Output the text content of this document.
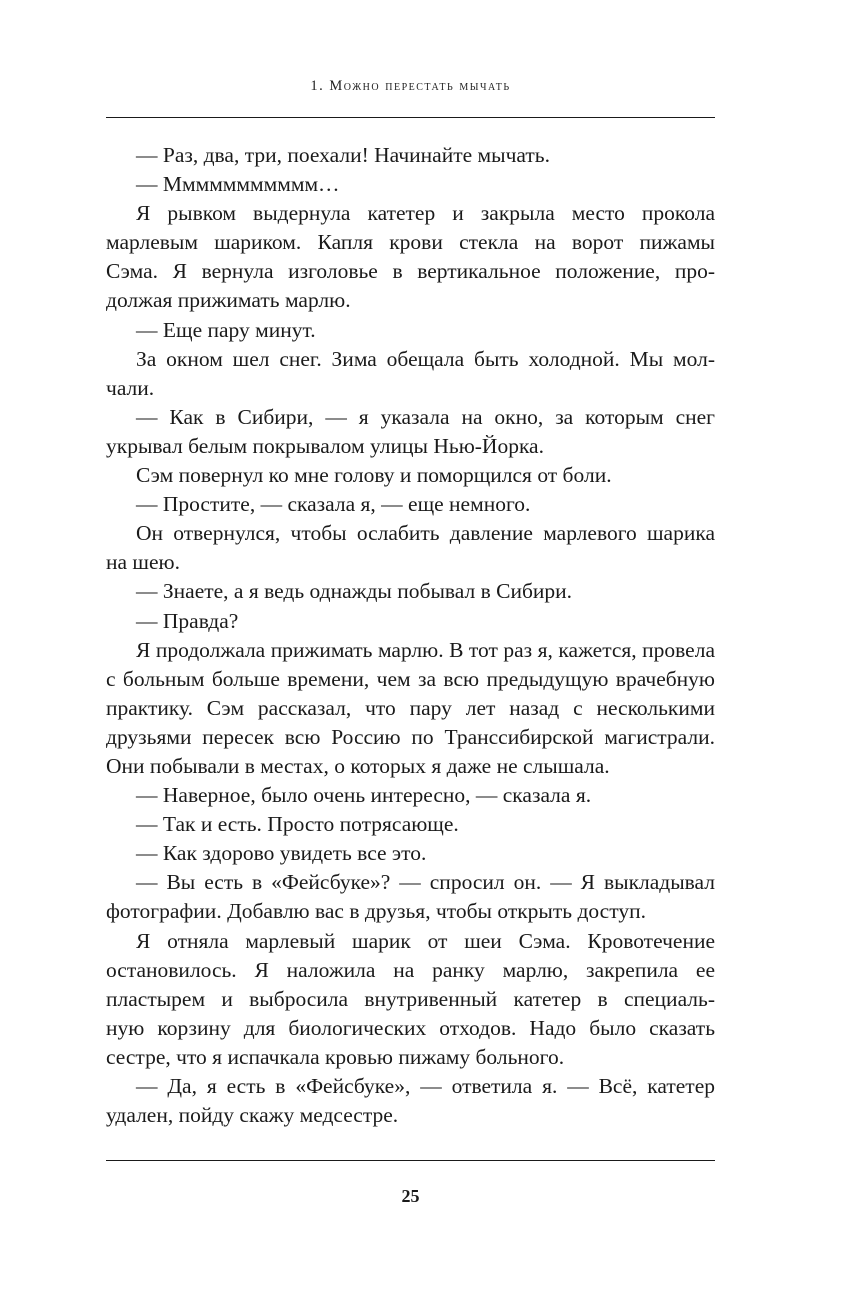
1. Можно перестать мычать
— Раз, два, три, поехали! Начинайте мычать.
— Ммммммммммм…
Я рывком выдернула катетер и закрыла место прокола
марлевым шариком. Капля крови стекла на ворот пижамы
Сэма. Я вернула изголовье в вертикальное положение, про-
должая прижимать марлю.
— Еще пару минут.
За окном шел снег. Зима обещала быть холодной. Мы мол-
чали.
— Как в Сибири, — я указала на окно, за которым снег
укрывал белым покрывалом улицы Нью-Йорка.
Сэм повернул ко мне голову и поморщился от боли.
— Простите, — сказала я, — еще немного.
Он отвернулся, чтобы ослабить давление марлевого шарика
на шею.
— Знаете, а я ведь однажды побывал в Сибири.
— Правда?
Я продолжала прижимать марлю. В тот раз я, кажется, провела
с больным больше времени, чем за всю предыдущую врачебную
практику. Сэм рассказал, что пару лет назад с несколькими
друзьями пересек всю Россию по Транссибирской магистрали.
Они побывали в местах, о которых я даже не слышала.
— Наверное, было очень интересно, — сказала я.
— Так и есть. Просто потрясающе.
— Как здорово увидеть все это.
— Вы есть в «Фейсбуке»? — спросил он. — Я выкладывал
фотографии. Добавлю вас в друзья, чтобы открыть доступ.
Я отняла марлевый шарик от шеи Сэма. Кровотечение
остановилось. Я наложила на ранку марлю, закрепила ее
пластырем и выбросила внутривенный катетер в специаль-
ную корзину для биологических отходов. Надо было сказать
сестре, что я испачкала кровью пижаму больного.
— Да, я есть в «Фейсбуке», — ответила я. — Всё, катетер
удален, пойду скажу медсестре.
25
